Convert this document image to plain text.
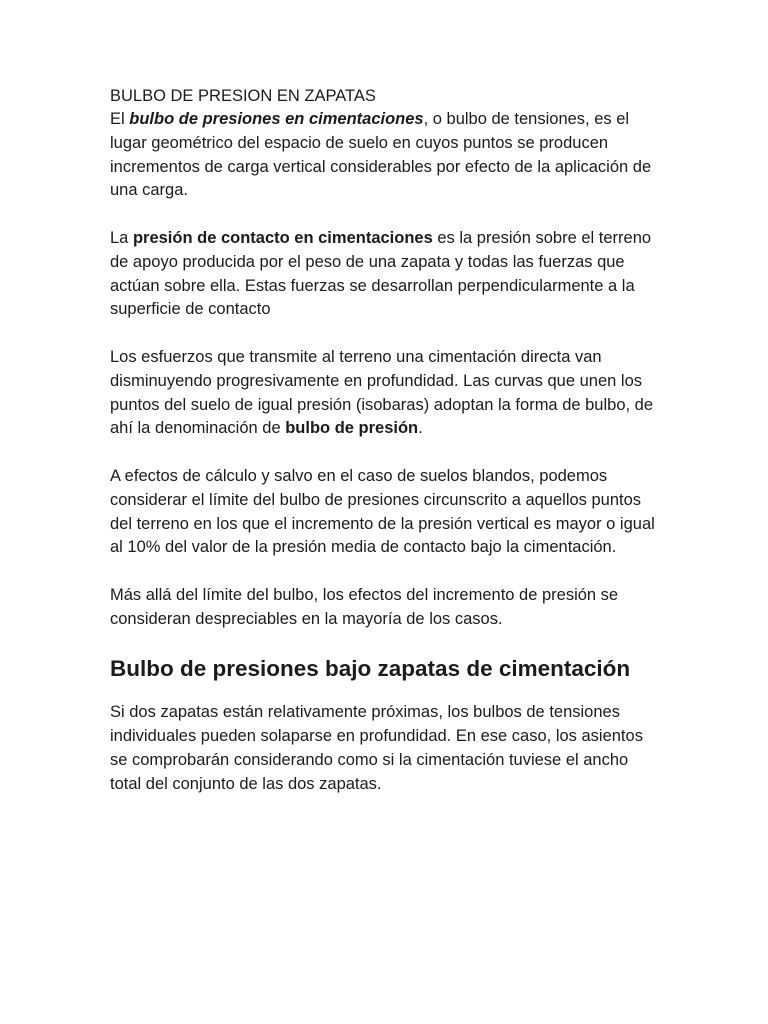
BULBO DE PRESION EN ZAPATAS

El bulbo de presiones en cimentaciones, o bulbo de tensiones, es el lugar geométrico del espacio de suelo en cuyos puntos se producen incrementos de carga vertical considerables por efecto de la aplicación de una carga.

La presión de contacto en cimentaciones es la presión sobre el terreno de apoyo producida por el peso de una zapata y todas las fuerzas que actúan sobre ella. Estas fuerzas se desarrollan perpendicularmente a la superficie de contacto

Los esfuerzos que transmite al terreno una cimentación directa van disminuyendo progresivamente en profundidad. Las curvas que unen los puntos del suelo de igual presión (isobaras) adoptan la forma de bulbo, de ahí la denominación de bulbo de presión.

A efectos de cálculo y salvo en el caso de suelos blandos, podemos considerar el límite del bulbo de presiones circunscrito a aquellos puntos del terreno en los que el incremento de la presión vertical es mayor o igual al 10% del valor de la presión media de contacto bajo la cimentación.

Más allá del límite del bulbo, los efectos del incremento de presión se consideran despreciables en la mayoría de los casos.

Bulbo de presiones bajo zapatas de cimentación

Si dos zapatas están relativamente próximas, los bulbos de tensiones individuales pueden solaparse en profundidad. En ese caso, los asientos se comprobarán considerando como si la cimentación tuviese el ancho total del conjunto de las dos zapatas.
